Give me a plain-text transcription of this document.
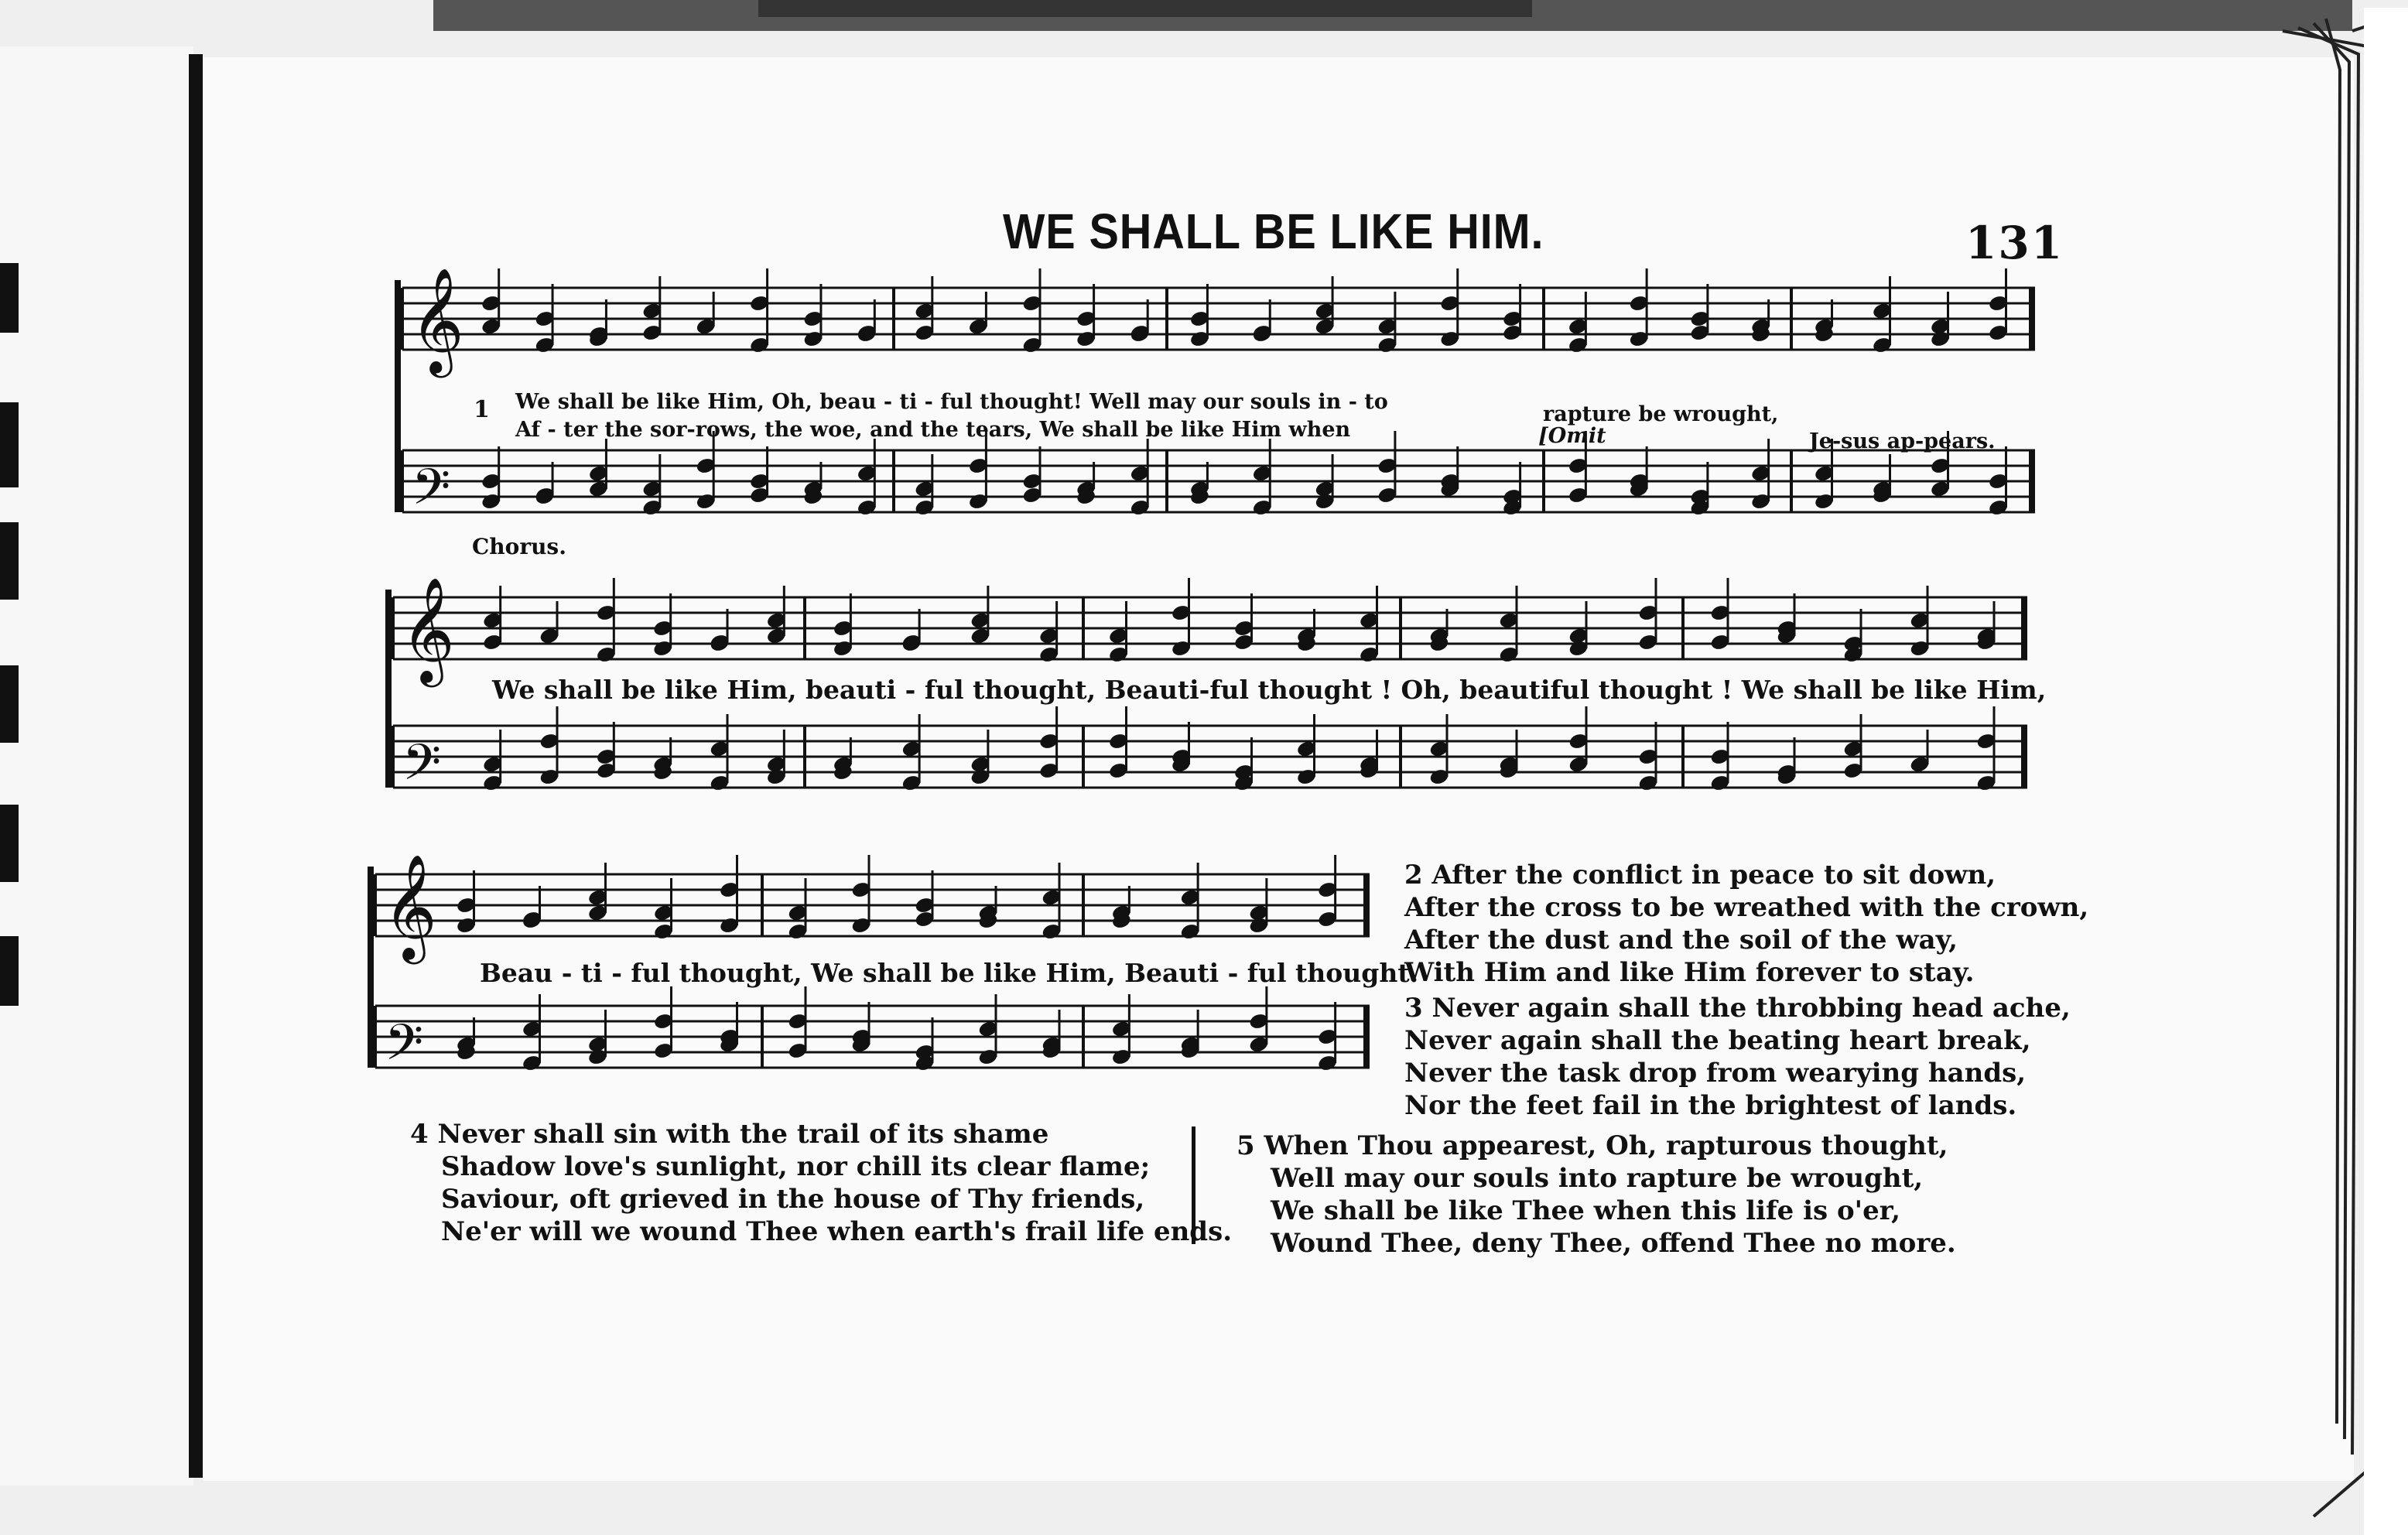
𝄞
𝄢
𝄞
𝄢
𝄞
𝄢
WE SHALL BE LIKE HIM.	131
1 We shall be like Him, Oh, beau - ti - ful thought! Well may our souls in - to
rapture be wrought,
Af - ter the sor-rows, the woe, and the tears, We shall be like Him when	[Omit	Je-sus ap-pears.
Chorus.
We shall be like Him, beauti - ful thought, Beauti-ful thought ! Oh, beautiful thought ! We shall be like Him,
Beau - ti - ful thought, We shall be like Him, Beauti - ful thought.
2 After the conflict in peace to sit down,
After the cross to be wreathed with the crown,
After the dust and the soil of the way,
With Him and like Him forever to stay.
3 Never again shall the throbbing head ache,
Never again shall the beating heart break,
Never the task drop from wearying hands,
Nor the feet fail in the brightest of lands.
4 Never shall sin with the trail of its shame
Shadow love's sunlight, nor chill its clear flame;
Saviour, oft grieved in the house of Thy friends,
Ne'er will we wound Thee when earth's frail life ends.
5 When Thou appearest, Oh, rapturous thought,
Well may our souls into rapture be wrought,
We shall be like Thee when this life is o'er,
Wound Thee, deny Thee, offend Thee no more.
